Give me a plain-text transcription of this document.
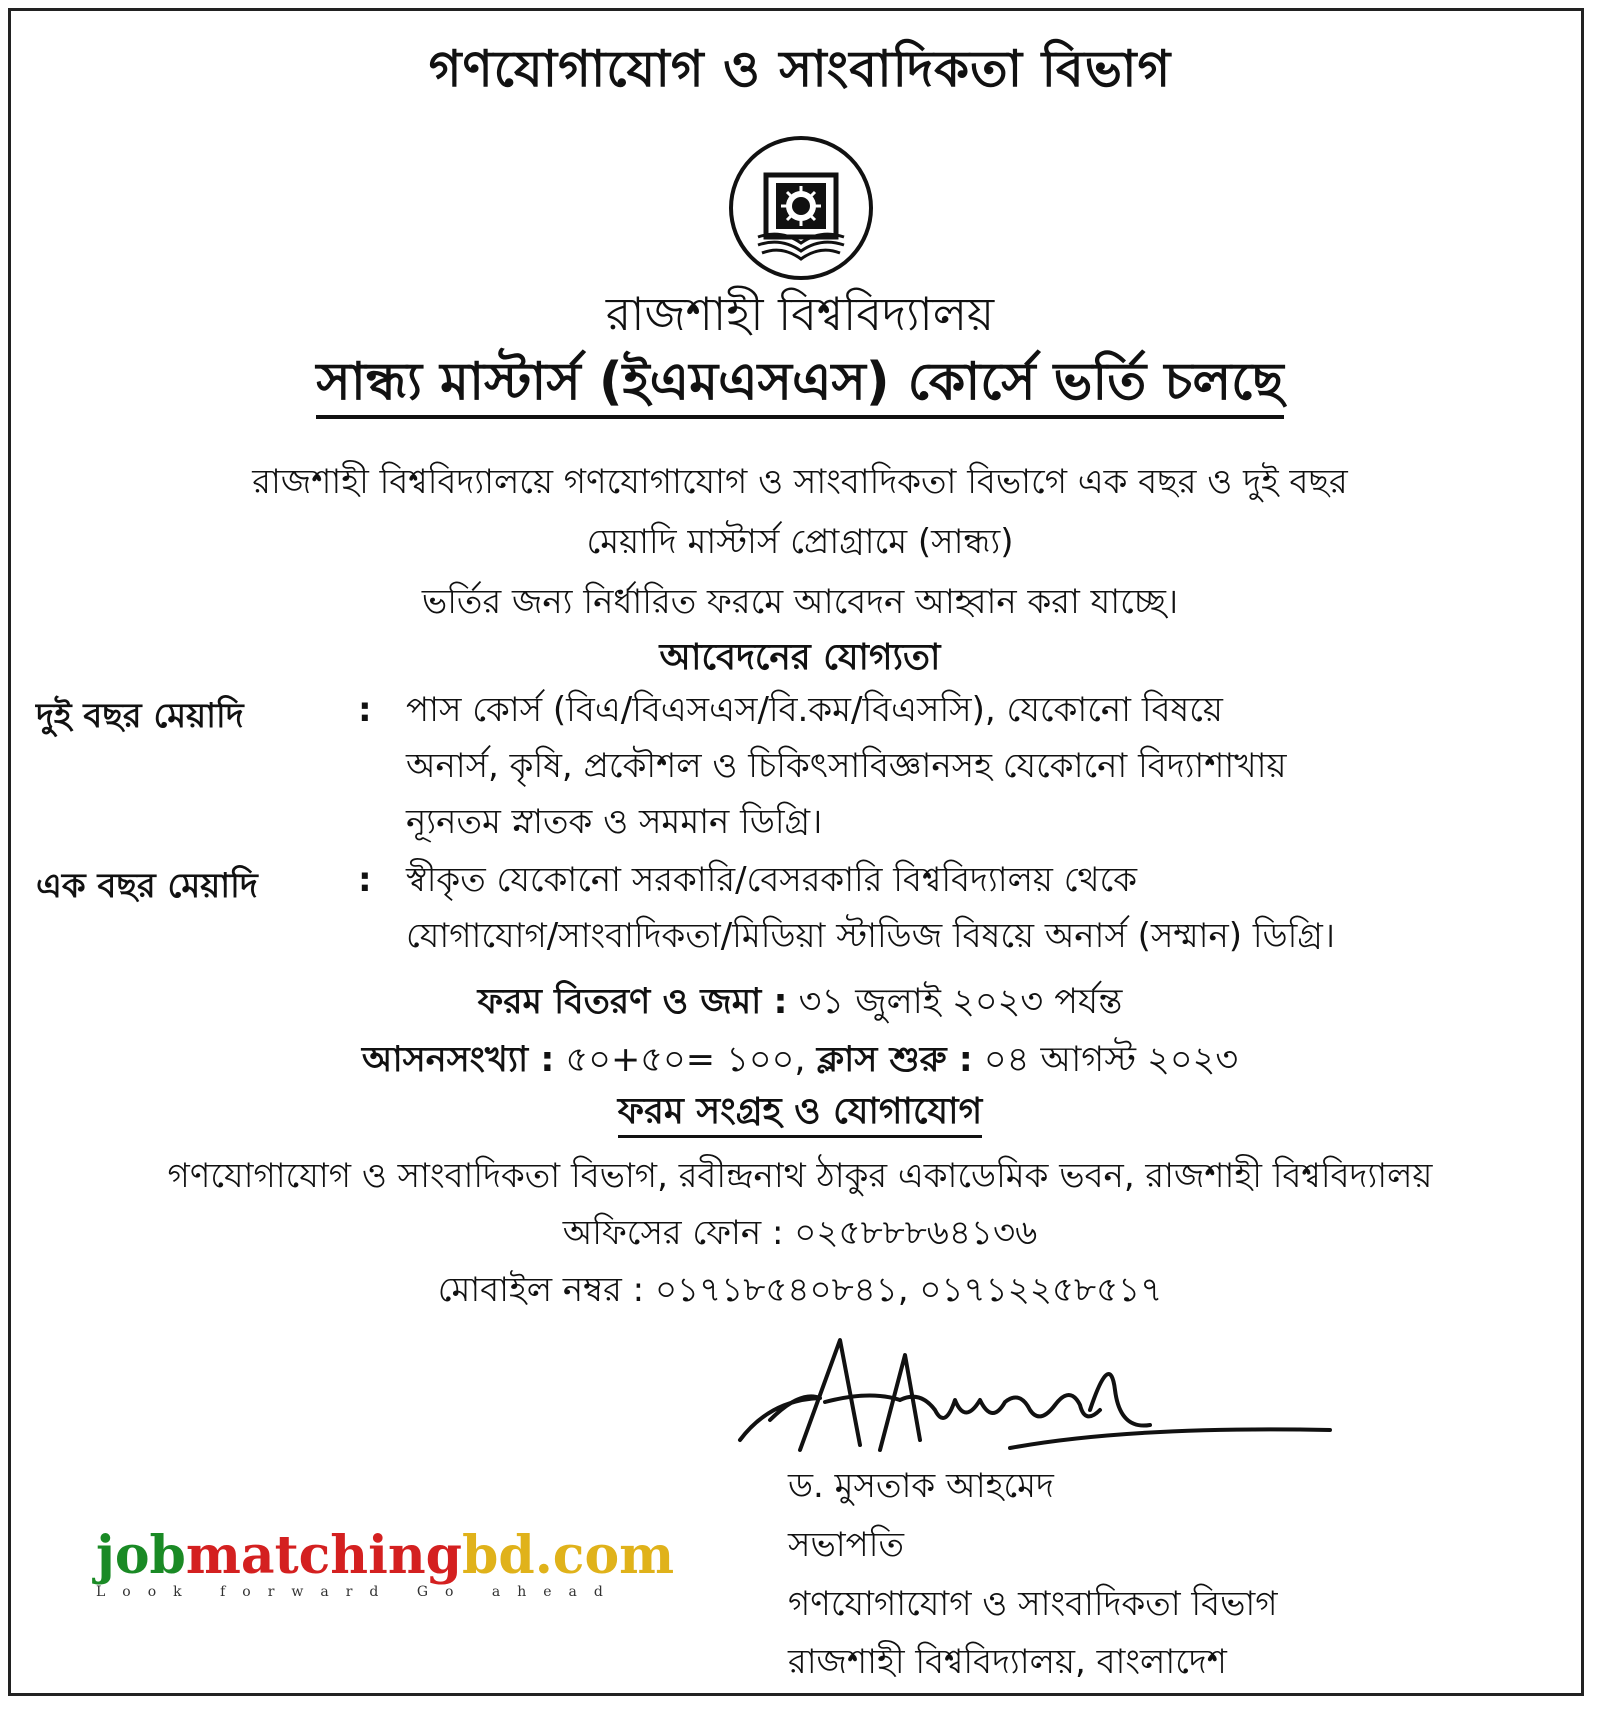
গণযোগাযোগ ও সাংবাদিকতা বিভাগ
রাজশাহী বিশ্ববিদ্যালয়
সান্ধ্য মাস্টার্স (ইএমএসএস) কোর্সে ভর্তি চলছে
রাজশাহী বিশ্ববিদ্যালয়ে গণযোগাযোগ ও সাংবাদিকতা বিভাগে এক বছর ও দুই বছর
মেয়াদি মাস্টার্স প্রোগ্রামে (সান্ধ্য)
ভর্তির জন্য নির্ধারিত ফরমে আবেদন আহ্বান করা যাচ্ছে।
আবেদনের যোগ্যতা
দুই বছর মেয়াদি	: পাস কোর্স (বিএ/বিএসএস/বি.কম/বিএসসি), যেকোনো বিষয়ে
অনার্স, কৃষি, প্রকৌশল ও চিকিৎসাবিজ্ঞানসহ যেকোনো বিদ্যাশাখায়
ন্যূনতম স্নাতক ও সমমান ডিগ্রি।
এক বছর মেয়াদি	: স্বীকৃত যেকোনো সরকারি/বেসরকারি বিশ্ববিদ্যালয় থেকে
যোগাযোগ/সাংবাদিকতা/মিডিয়া স্টাডিজ বিষয়ে অনার্স (সম্মান) ডিগ্রি।
ফরম বিতরণ ও জমা : ৩১ জুলাই ২০২৩ পর্যন্ত
আসনসংখ্যা : ৫০+৫০= ১০০, ক্লাস শুরু : ০৪ আগস্ট ২০২৩
ফরম সংগ্রহ ও যোগাযোগ
গণযোগাযোগ ও সাংবাদিকতা বিভাগ, রবীন্দ্রনাথ ঠাকুর একাডেমিক ভবন, রাজশাহী বিশ্ববিদ্যালয়
অফিসের ফোন : ০২৫৮৮৮৬৪১৩৬
মোবাইল নম্বর : ০১৭১৮৫৪০৮৪১, ০১৭১২২৫৮৫১৭
ড. মুসতাক আহমেদ
সভাপতি
গণযোগাযোগ ও সাংবাদিকতা বিভাগ
রাজশাহী বিশ্ববিদ্যালয়, বাংলাদেশ
jobmatchingbd.com
Look forward Go ahead
